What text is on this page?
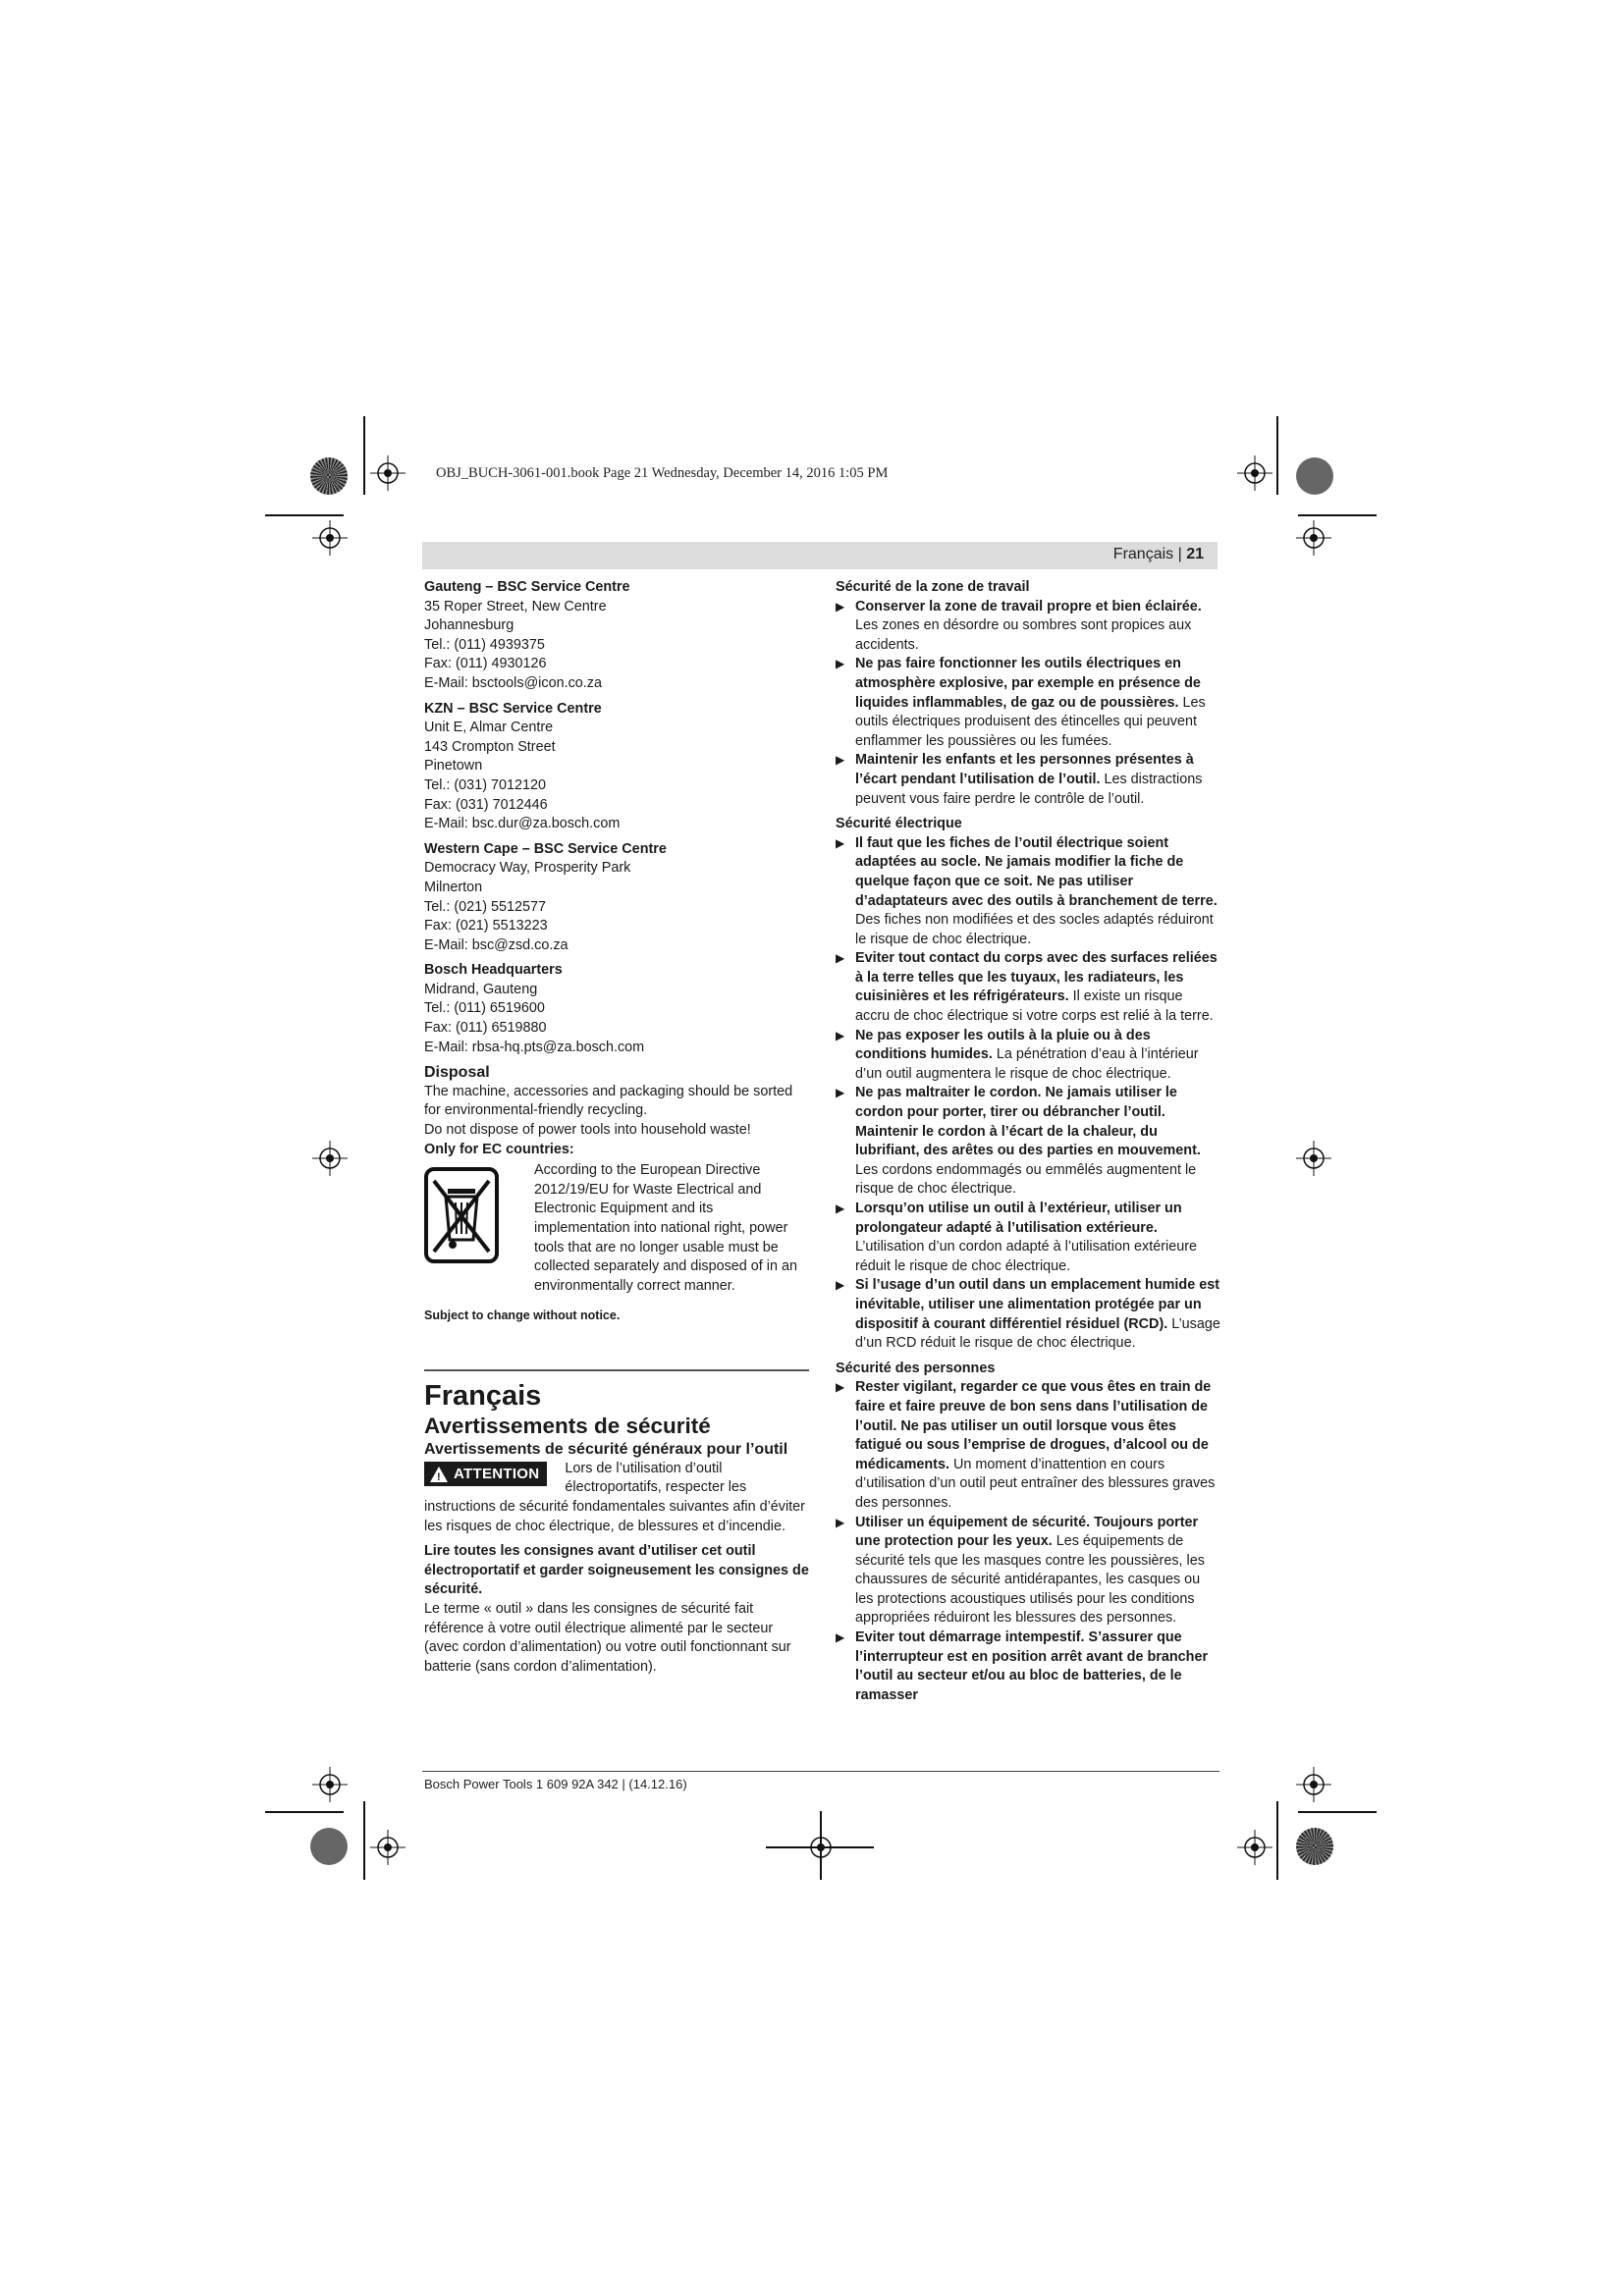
OBJ_BUCH-3061-001.book Page 21 Wednesday, December 14, 2016 1:05 PM
Français | 21

Gauteng – BSC Service Centre

35 Roper Street, New Centre

Johannesburg

Tel.: (011) 4939375

Fax: (011) 4930126

E-Mail: bsctools@icon.co.za

KZN – BSC Service Centre

Unit E, Almar Centre

143 Crompton Street

Pinetown

Tel.: (031) 7012120

Fax: (031) 7012446

E-Mail: bsc.dur@za.bosch.com

Western Cape – BSC Service Centre

Democracy Way, Prosperity Park

Milnerton

Tel.: (021) 5512577

Fax: (021) 5513223

E-Mail: bsc@zsd.co.za

Bosch Headquarters

Midrand, Gauteng

Tel.: (011) 6519600

Fax: (011) 6519880

E-Mail: rbsa-hq.pts@za.bosch.com

Disposal

The machine, accessories and packaging should be sorted for environmental-friendly recycling.

Do not dispose of power tools into household waste!

Only for EC countries:

According to the European Directive 2012/19/EU for Waste Electrical and Electronic Equipment and its implementation into national right, power tools that are no longer usable must be collected separately and disposed of in an environmentally correct manner.

Subject to change without notice.

Français

Avertissements de sécurité

Avertissements de sécurité généraux pour l’outil

! ATTENTION	Lors de l’utilisation d’outil électroportatifs, respecter les instructions de sécurité fondamentales suivantes afin d’éviter les risques de choc électrique, de blessures et d’incendie.

Lire toutes les consignes avant d’utiliser cet outil électroportatif et garder soigneusement les consignes de sécurité.

Le terme « outil » dans les consignes de sécurité fait référence à votre outil électrique alimenté par le secteur (avec cordon d’alimentation) ou votre outil fonctionnant sur batterie (sans cordon d’alimentation).

Sécurité de la zone de travail

▶ Conserver la zone de travail propre et bien éclairée. Les zones en désordre ou sombres sont propices aux accidents.

▶ Ne pas faire fonctionner les outils électriques en atmosphère explosive, par exemple en présence de liquides inflammables, de gaz ou de poussières. Les outils électriques produisent des étincelles qui peuvent enflammer les poussières ou les fumées.

▶ Maintenir les enfants et les personnes présentes à l’écart pendant l’utilisation de l’outil. Les distractions peuvent vous faire perdre le contrôle de l’outil.

Sécurité électrique

▶ Il faut que les fiches de l’outil électrique soient adaptées au socle. Ne jamais modifier la fiche de quelque façon que ce soit. Ne pas utiliser d’adaptateurs avec des outils à branchement de terre. Des fiches non modifiées et des socles adaptés réduiront le risque de choc électrique.

▶ Eviter tout contact du corps avec des surfaces reliées à la terre telles que les tuyaux, les radiateurs, les cuisinières et les réfrigérateurs. Il existe un risque accru de choc électrique si votre corps est relié à la terre.

▶ Ne pas exposer les outils à la pluie ou à des conditions humides. La pénétration d’eau à l’intérieur d’un outil augmentera le risque de choc électrique.

▶ Ne pas maltraiter le cordon. Ne jamais utiliser le cordon pour porter, tirer ou débrancher l’outil. Maintenir le cordon à l’écart de la chaleur, du lubrifiant, des arêtes ou des parties en mouvement. Les cordons endommagés ou emmêlés augmentent le risque de choc électrique.

▶ Lorsqu’on utilise un outil à l’extérieur, utiliser un prolongateur adapté à l’utilisation extérieure. L’utilisation d’un cordon adapté à l’utilisation extérieure réduit le risque de choc électrique.

▶ Si l’usage d’un outil dans un emplacement humide est inévitable, utiliser une alimentation protégée par un dispositif à courant différentiel résiduel (RCD). L’usage d’un RCD réduit le risque de choc électrique.

Sécurité des personnes

▶ Rester vigilant, regarder ce que vous êtes en train de faire et faire preuve de bon sens dans l’utilisation de l’outil. Ne pas utiliser un outil lorsque vous êtes fatigué ou sous l’emprise de drogues, d’alcool ou de médicaments. Un moment d’inattention en cours d’utilisation d’un outil peut entraîner des blessures graves des personnes.

▶ Utiliser un équipement de sécurité. Toujours porter une protection pour les yeux. Les équipements de sécurité tels que les masques contre les poussières, les chaussures de sécurité antidérapantes, les casques ou les protections acoustiques utilisés pour les conditions appropriées réduiront les blessures des personnes.

▶ Eviter tout démarrage intempestif. S’assurer que l’interrupteur est en position arrêt avant de brancher l’outil au secteur et/ou au bloc de batteries, de le ramasser

Bosch Power Tools 1 609 92A 342 | (14.12.16)
